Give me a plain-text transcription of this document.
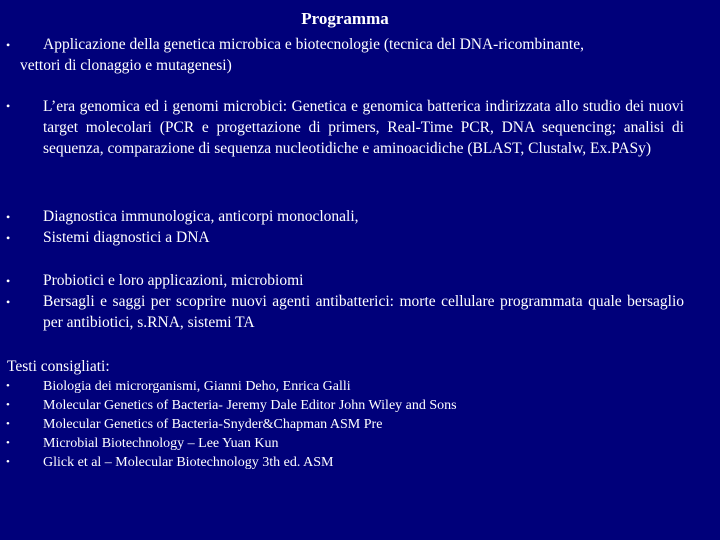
Programma
• Applicazione della genetica microbica e biotecnologie (tecnica del DNA-ricombinante,
vettori di clonaggio e mutagenesi)
• L’era genomica ed i genomi microbici: Genetica e genomica batterica indirizzata allo studio dei nuovi target molecolari (PCR e progettazione di primers, Real-Time PCR, DNA sequencing; analisi di sequenza, comparazione di sequenza nucleotidiche e aminoacidiche (BLAST, Clustalw, Ex.PASy)
• Diagnostica immunologica, anticorpi monoclonali,
• Sistemi diagnostici a DNA
• Probiotici e loro applicazioni, microbiomi
• Bersagli e saggi per scoprire nuovi agenti antibatterici: morte cellulare programmata quale bersaglio per antibiotici, s.RNA, sistemi TA
Testi consigliati:
• Biologia dei microrganismi, Gianni Deho, Enrica Galli
• Molecular Genetics of Bacteria- Jeremy Dale Editor John Wiley and Sons
• Molecular Genetics of Bacteria-Snyder&Chapman ASM Pre
• Microbial Biotechnology – Lee Yuan Kun
• Glick et al – Molecular Biotechnology 3th ed. ASM
